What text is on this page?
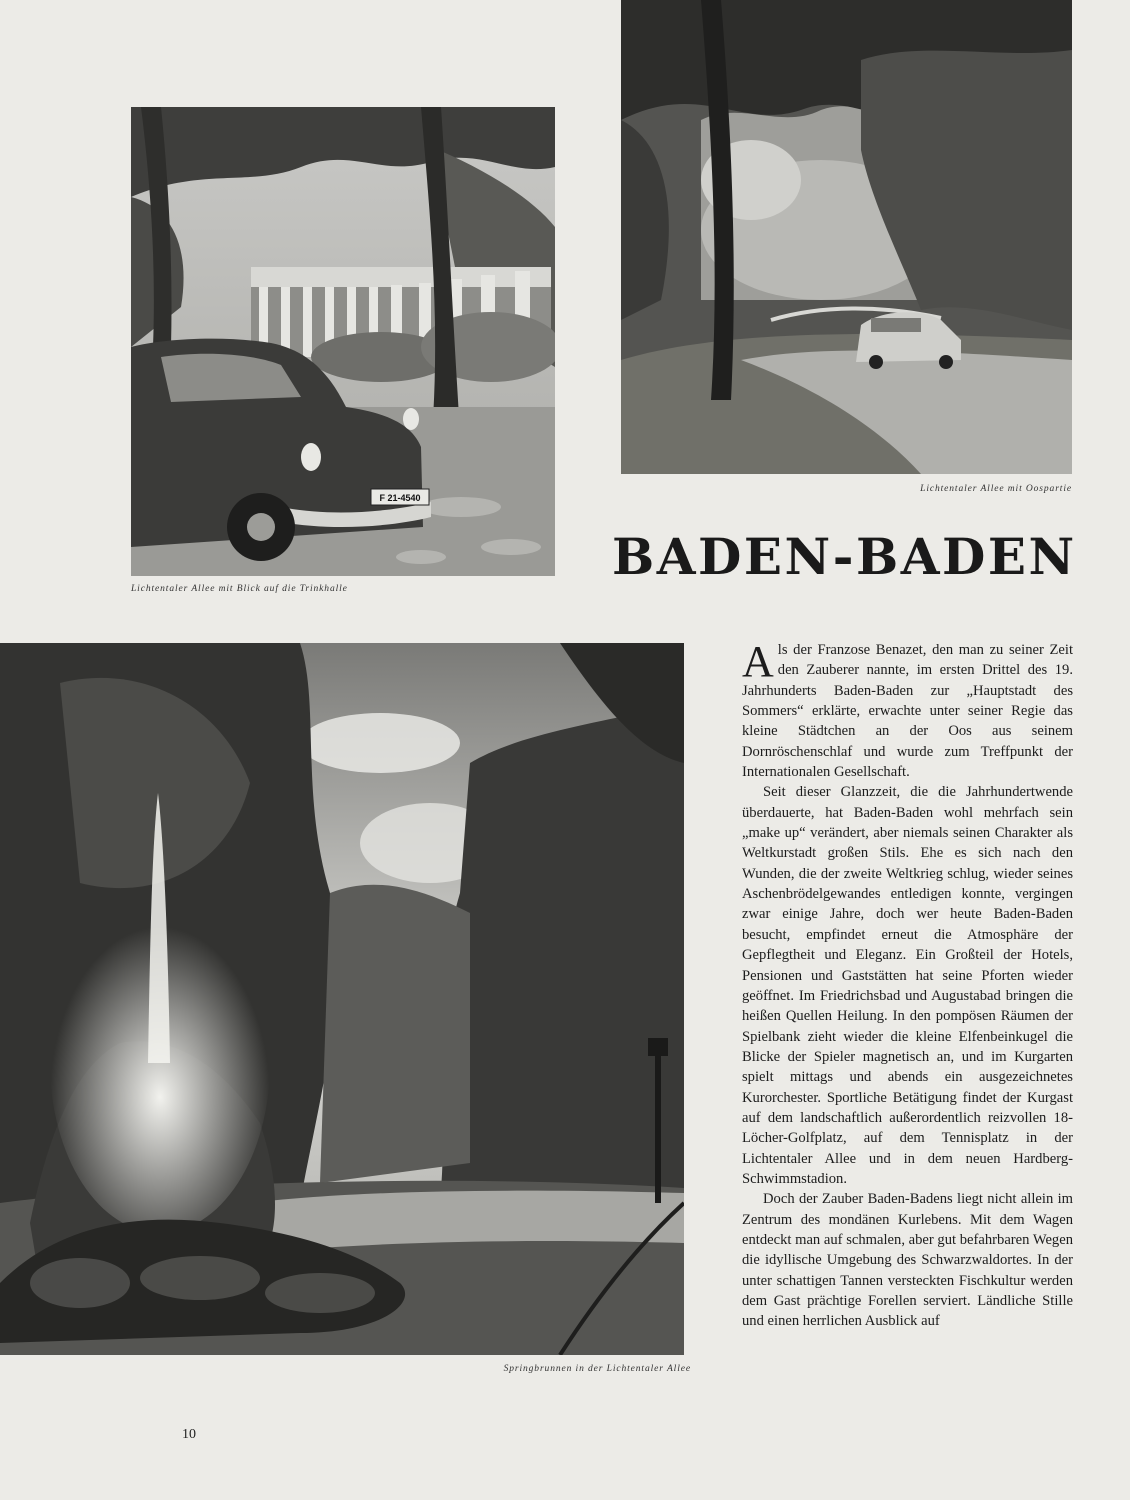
F 21-4540
Lichtentaler Allee mit Blick auf die Trinkhalle
Lichtentaler Allee mit Oospartie
BADEN-BADEN
Springbrunnen in der Lichtentaler Allee

Als der Franzose Benazet, den man zu seiner Zeit den Zauberer nannte, im ersten Drittel des 19. Jahrhunderts Baden-Baden zur „Hauptstadt des Sommers“ erklärte, erwachte unter seiner Regie das kleine Städtchen an der Oos aus seinem Dornröschenschlaf und wurde zum Treffpunkt der Internationalen Gesellschaft.

Seit dieser Glanzzeit, die die Jahrhundertwende überdauerte, hat Baden-Baden wohl mehrfach sein „make up“ verändert, aber niemals seinen Charakter als Weltkurstadt großen Stils. Ehe es sich nach den Wunden, die der zweite Weltkrieg schlug, wieder seines Aschenbrödelgewandes entledigen konnte, vergingen zwar einige Jahre, doch wer heute Baden-Baden besucht, empfindet erneut die Atmosphäre der Gepflegtheit und Eleganz. Ein Großteil der Hotels, Pensionen und Gaststätten hat seine Pforten wieder geöffnet. Im Friedrichsbad und Augustabad bringen die heißen Quellen Heilung. In den pompösen Räumen der Spielbank zieht wieder die kleine Elfenbeinkugel die Blicke der Spieler magnetisch an, und im Kurgarten spielt mittags und abends ein ausgezeichnetes Kurorchester. Sportliche Betätigung findet der Kurgast auf dem landschaftlich außerordentlich reizvollen 18-Löcher-Golfplatz, auf dem Tennisplatz in der Lichtentaler Allee und in dem neuen Hardberg-Schwimmstadion.

Doch der Zauber Baden-Badens liegt nicht allein im Zentrum des mondänen Kurlebens. Mit dem Wagen entdeckt man auf schmalen, aber gut befahrbaren Wegen die idyllische Umgebung des Schwarzwaldortes. In der unter schattigen Tannen versteckten Fischkultur werden dem Gast prächtige Forellen serviert. Ländliche Stille und einen herrlichen Ausblick auf

10
